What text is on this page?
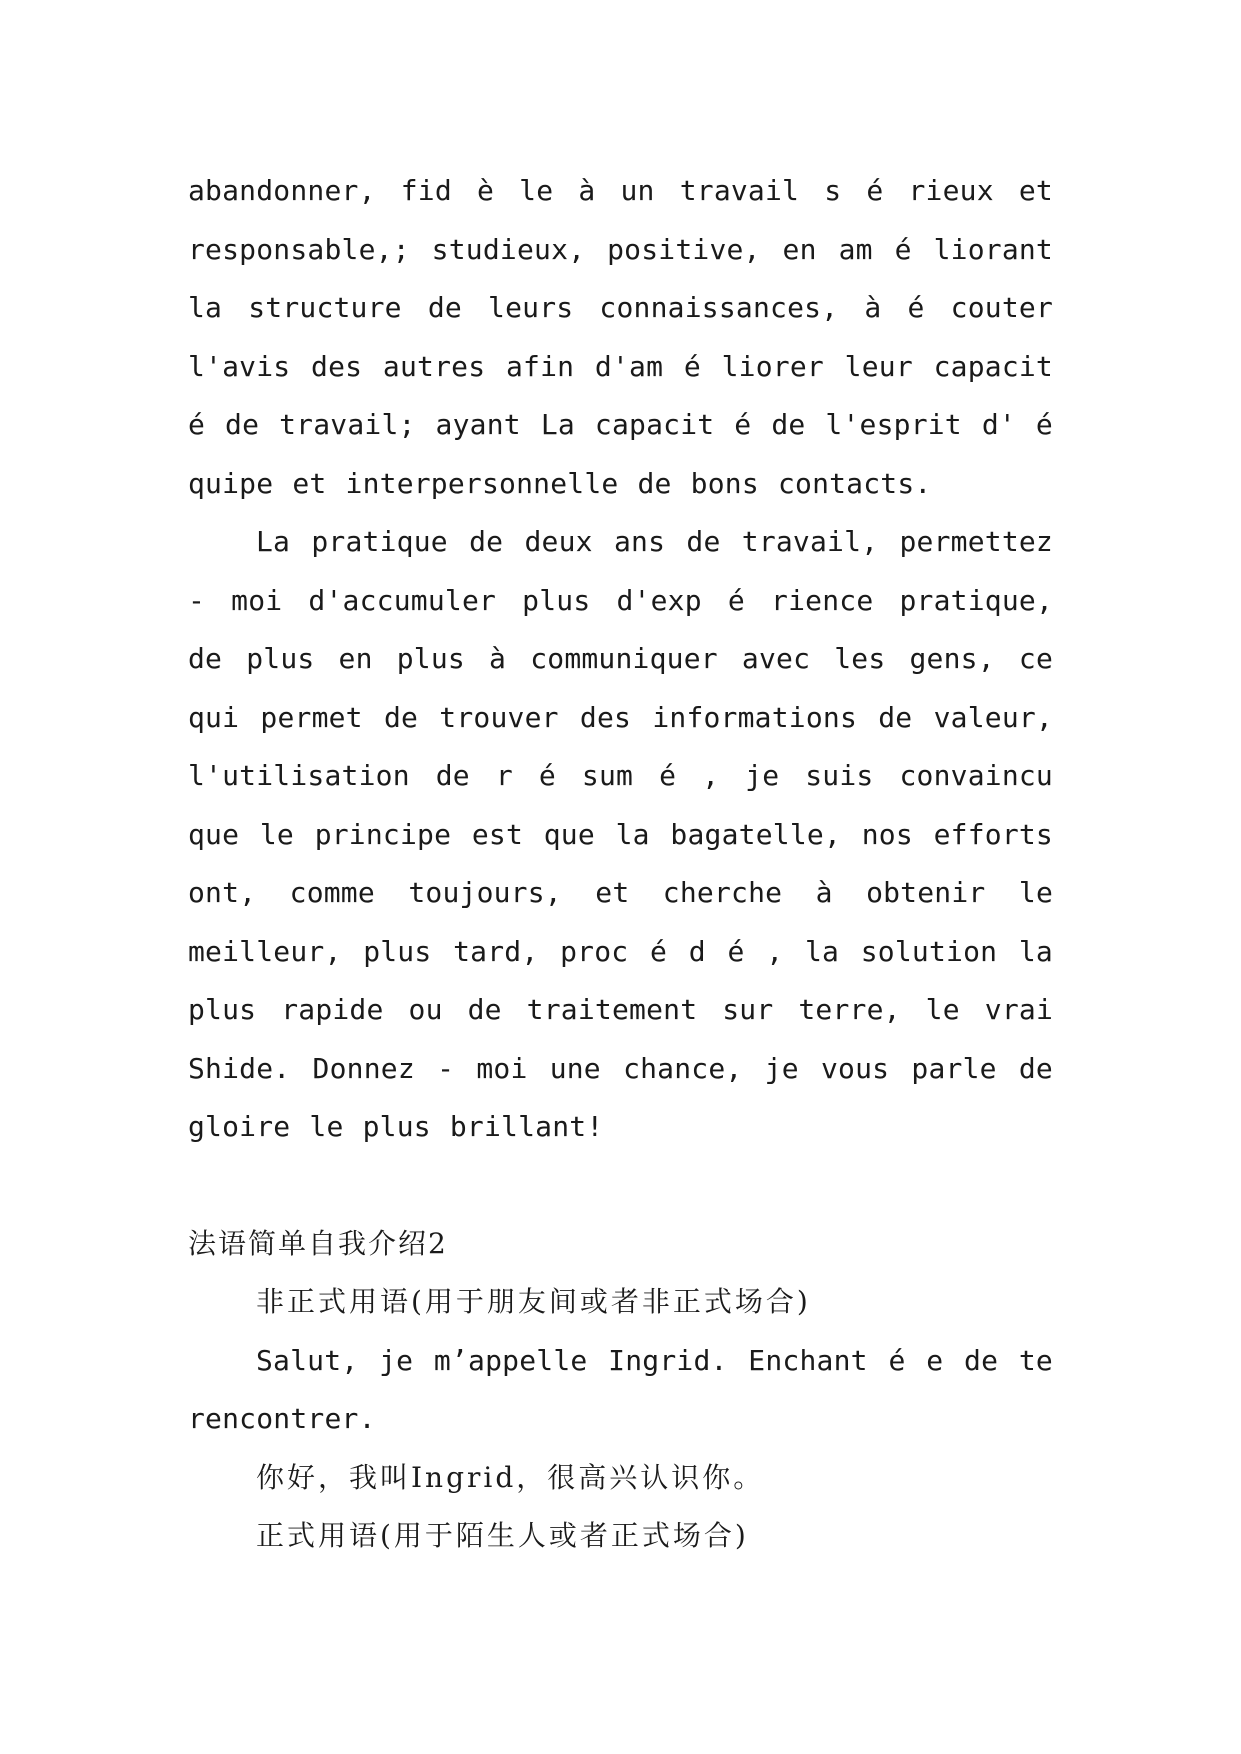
abandonner, fid è le à un travail s é rieux et responsable,; studieux, positive, en am é liorant la structure de leurs connaissances, à é couter l'avis des autres afin d'am é liorer leur capacit é de travail; ayant La capacit é de l'esprit d' é quipe et interpersonnelle de bons contacts.

La pratique de deux ans de travail, permettez - moi d'accumuler plus d'exp é rience pratique, de plus en plus à communiquer avec les gens, ce qui permet de trouver des informations de valeur, l'utilisation de r é sum é , je suis convaincu que le principe est que la bagatelle, nos efforts ont, comme toujours, et cherche à obtenir le meilleur, plus tard, proc é d é , la solution la plus rapide ou de traitement sur terre, le vrai Shide. Donnez - moi une chance, je vous parle de gloire le plus brillant!

法语简单自我介绍2

非正式用语(用于朋友间或者非正式场合)

Salut, je m’appelle Ingrid. Enchant é e de te rencontrer.

你好，我叫Ingrid，很高兴认识你。

正式用语(用于陌生人或者正式场合)
